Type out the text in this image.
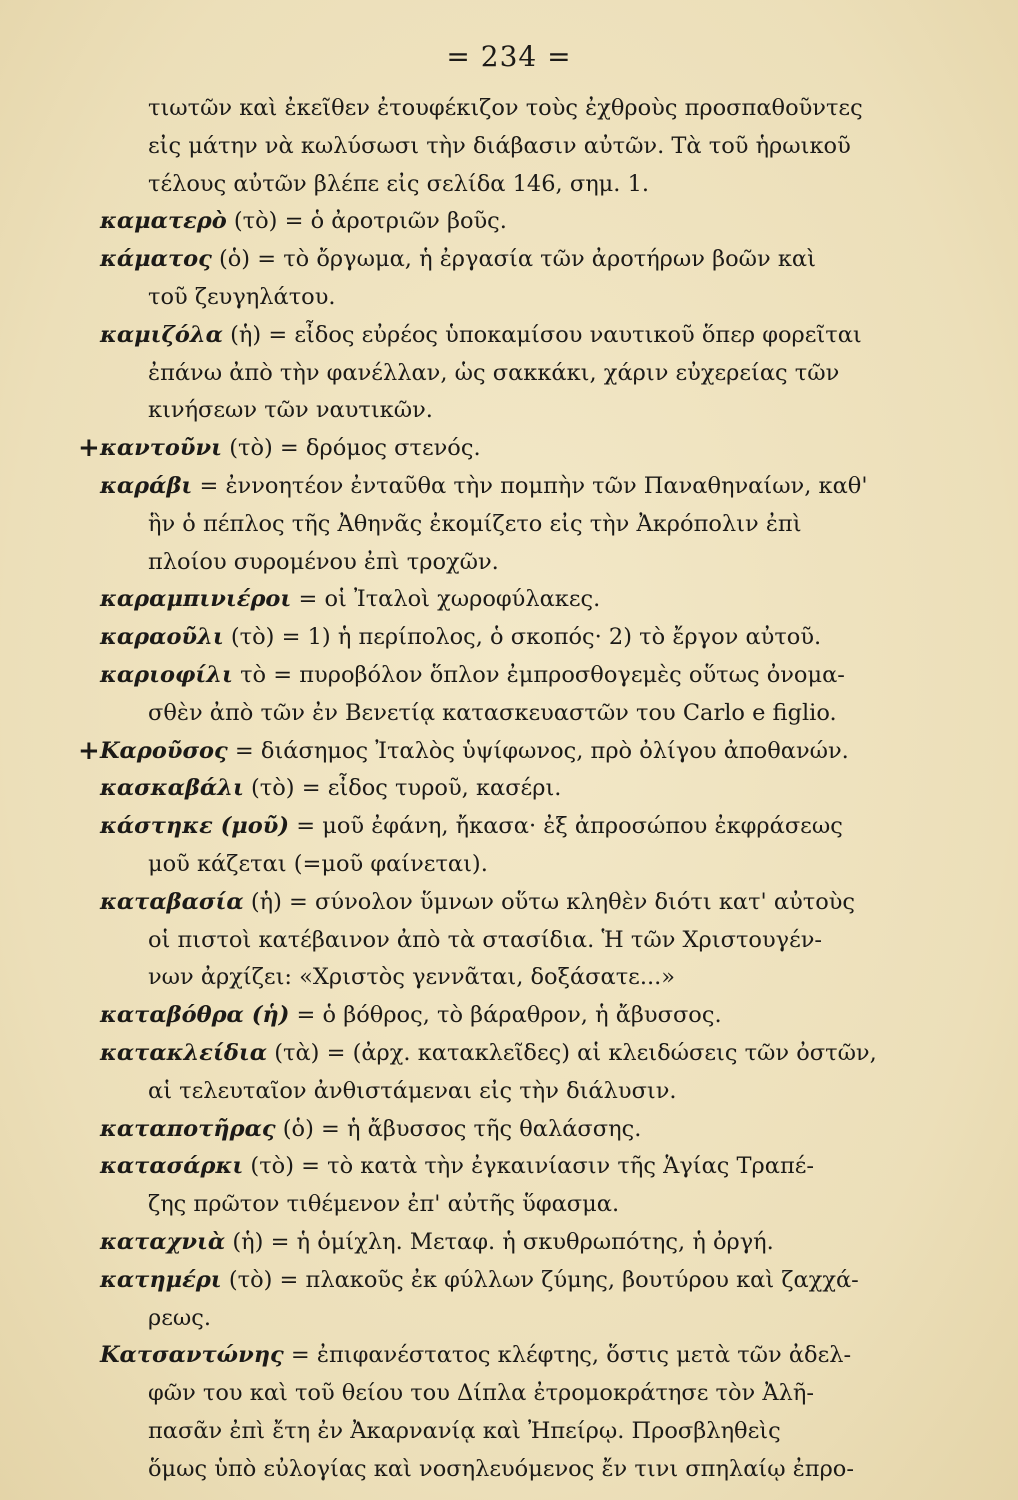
= 234 =
τιωτῶν καὶ ἐκεῖθεν ἐτουφέκιζον τοὺς ἐχθροὺς προσπαθοῦντες
εἰς μάτην νὰ κωλύσωσι τὴν διάβασιν αὐτῶν. Τὰ τοῦ ἡρωικοῦ
τέλους αὐτῶν βλέπε εἰς σελίδα 146, σημ. 1.
καματερὸ (τὸ) = ὁ ἀροτριῶν βοῦς.
κάματος (ὁ) = τὸ ὄργωμα, ἡ ἐργασία τῶν ἀροτήρων βοῶν καὶ
τοῦ ζευγηλάτου.
καμιζόλα (ἡ) = εἶδος εὐρέος ὑποκαμίσου ναυτικοῦ ὅπερ φορεῖται
ἐπάνω ἀπὸ τὴν φανέλλαν, ὡς σακκάκι, χάριν εὐχερείας τῶν
κινήσεων τῶν ναυτικῶν.
+ καντοῦνι (τὸ) = δρόμος στενός.
καράβι = ἐννοητέον ἐνταῦθα τὴν πομπὴν τῶν Παναθηναίων, καθ'
ἣν ὁ πέπλος τῆς Ἀθηνᾶς ἐκομίζετο εἰς τὴν Ἀκρόπολιν ἐπὶ
πλοίου συρομένου ἐπὶ τροχῶν.
καραμπινιέροι = οἱ Ἰταλοὶ χωροφύλακες.
καραοῦλι (τὸ) = 1) ἡ περίπολος, ὁ σκοπός· 2) τὸ ἔργον αὐτοῦ.
καριοφίλι τὸ = πυροβόλον ὅπλον ἐμπροσθογεμὲς οὕτως ὀνομα-
σθὲν ἀπὸ τῶν ἐν Βενετίᾳ κατασκευαστῶν του Carlo e figlio.
+ Καροῦσος = διάσημος Ἰταλὸς ὑψίφωνος, πρὸ ὀλίγου ἀποθανών.
κασκαβάλι (τὸ) = εἶδος τυροῦ, κασέρι.
κάστηκε (μοῦ) = μοῦ ἐφάνη, ἤκασα· ἐξ ἀπροσώπου ἐκφράσεως
μοῦ κάζεται (=μοῦ φαίνεται).
καταβασία (ἡ) = σύνολον ὕμνων οὕτω κληθὲν διότι κατ' αὐτοὺς
οἱ πιστοὶ κατέβαινον ἀπὸ τὰ στασίδια. Ἡ τῶν Χριστουγέν-
νων ἀρχίζει: «Χριστὸς γεννᾶται, δοξάσατε...»
καταβόθρα (ἡ) = ὁ βόθρος, τὸ βάραθρον, ἡ ἄβυσσος.
κατακλείδια (τὰ) = (ἀρχ. κατακλεῖδες) αἱ κλειδώσεις τῶν ὀστῶν,
αἱ τελευταῖον ἀνθιστάμεναι εἰς τὴν διάλυσιν.
καταποτῆρας (ὁ) = ἡ ἄβυσσος τῆς θαλάσσης.
κατασάρκι (τὸ) = τὸ κατὰ τὴν ἐγκαινίασιν τῆς Ἁγίας Τραπέ-
ζης πρῶτον τιθέμενον ἐπ' αὐτῆς ὕφασμα.
καταχνιὰ (ἡ) = ἡ ὁμίχλη. Μεταφ. ἡ σκυθρωπότης, ἡ ὀργή.
κατημέρι (τὸ) = πλακοῦς ἐκ φύλλων ζύμης, βουτύρου καὶ ζαχχά-
ρεως.
Κατσαντώνης = ἐπιφανέστατος κλέφτης, ὅστις μετὰ τῶν ἀδελ-
φῶν του καὶ τοῦ θείου του Δίπλα ἐτρομοκράτησε τὸν Ἀλῆ-
πασᾶν ἐπὶ ἔτη ἐν Ἀκαρνανίᾳ καὶ Ἠπείρῳ. Προσβληθεὶς
ὅμως ὑπὸ εὐλογίας καὶ νοσηλευόμενος ἔν τινι σπηλαίῳ ἐπρο-
